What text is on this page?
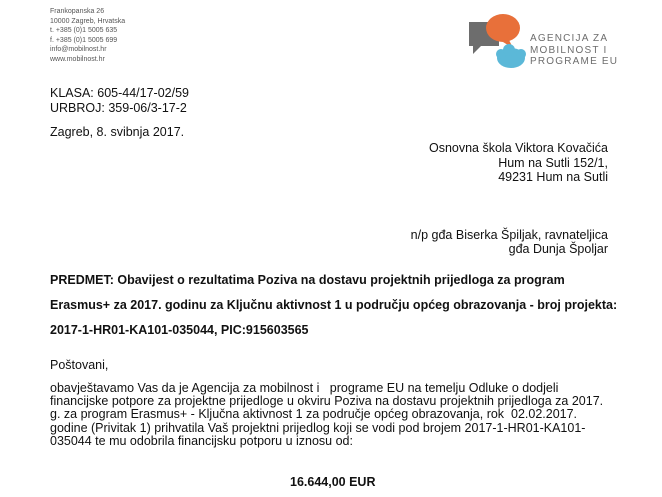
Frankopanska 26
10000 Zagreb, Hrvatska
t. +385 (0)1 5005 635
f. +385 (0)1 5005 699
info@mobilnost.hr
www.mobilnost.hr
AGENCIJA ZA
MOBILNOST I
PROGRAME EU
KLASA: 605-44/17-02/59
URBROJ: 359-06/3-17-2
Zagreb, 8. svibnja 2017.
Osnovna škola Viktora Kovačića
Hum na Sutli 152/1,
49231 Hum na Sutli
n/p gđa Biserka Špiljak, ravnateljica
gđa Dunja Špoljar
PREDMET: Obavijest o rezultatima Poziva na dostavu projektnih prijedloga za program
Erasmus+ za 2017. godinu za Ključnu aktivnost 1 u području općeg obrazovanja - broj projekta:
2017-1-HR01-KA101-035044, PIC:915603565
Poštovani,
obavještavamo Vas da je Agencija za mobilnost i   programe EU na temelju Odluke o dodjeli
financijske potpore za projektne prijedloge u okviru Poziva na dostavu projektnih prijedloga za 2017.
g. za program Erasmus+ - Ključna aktivnost 1 za područje općeg obrazovanja, rok  02.02.2017.
godine (Privitak 1) prihvatila Vaš projektni prijedlog koji se vodi pod brojem 2017-1-HR01-KA101-
035044 te mu odobrila financijsku potporu u iznosu od:
16.644,00 EUR
